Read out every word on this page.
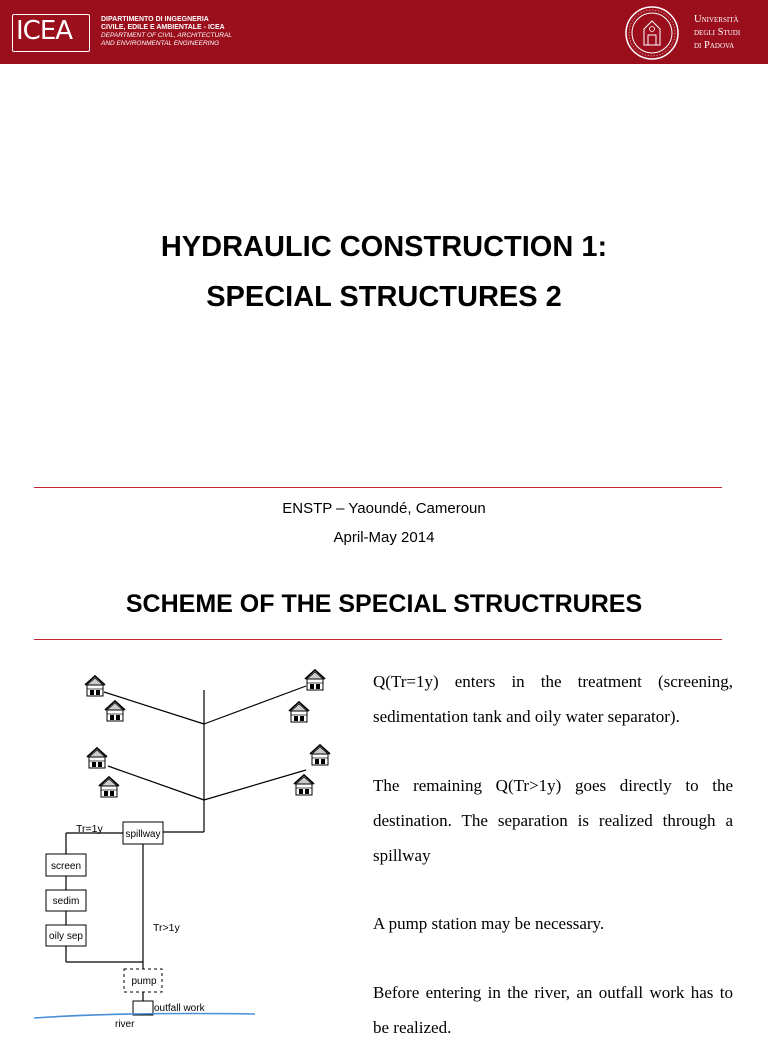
ICEA	DIPARTIMENTO DI INGEGNERIA
CIVILE, EDILE E AMBIENTALE - ICEA
DEPARTMENT OF CIVIL, ARCHITECTURAL
AND ENVIRONMENTAL ENGINEERING
Università
degli Studi
di Padova
HYDRAULIC CONSTRUCTION 1:
SPECIAL STRUCTURES 2
ENSTP – Yaoundé, Cameroun
April-May 2014
SCHEME OF THE SPECIAL STRUCTRURES
spillway
screen
sedim
oily sep
pump
outfall work
river
Tr=1y
Tr>1y

Q(Tr=1y) enters in the treatment (screening, sedimentation tank and oily water separator).

The remaining Q(Tr>1y) goes directly to the destination. The separation is realized through a spillway

A pump station may be necessary.

Before entering in the river, an outfall work has to be realized.
